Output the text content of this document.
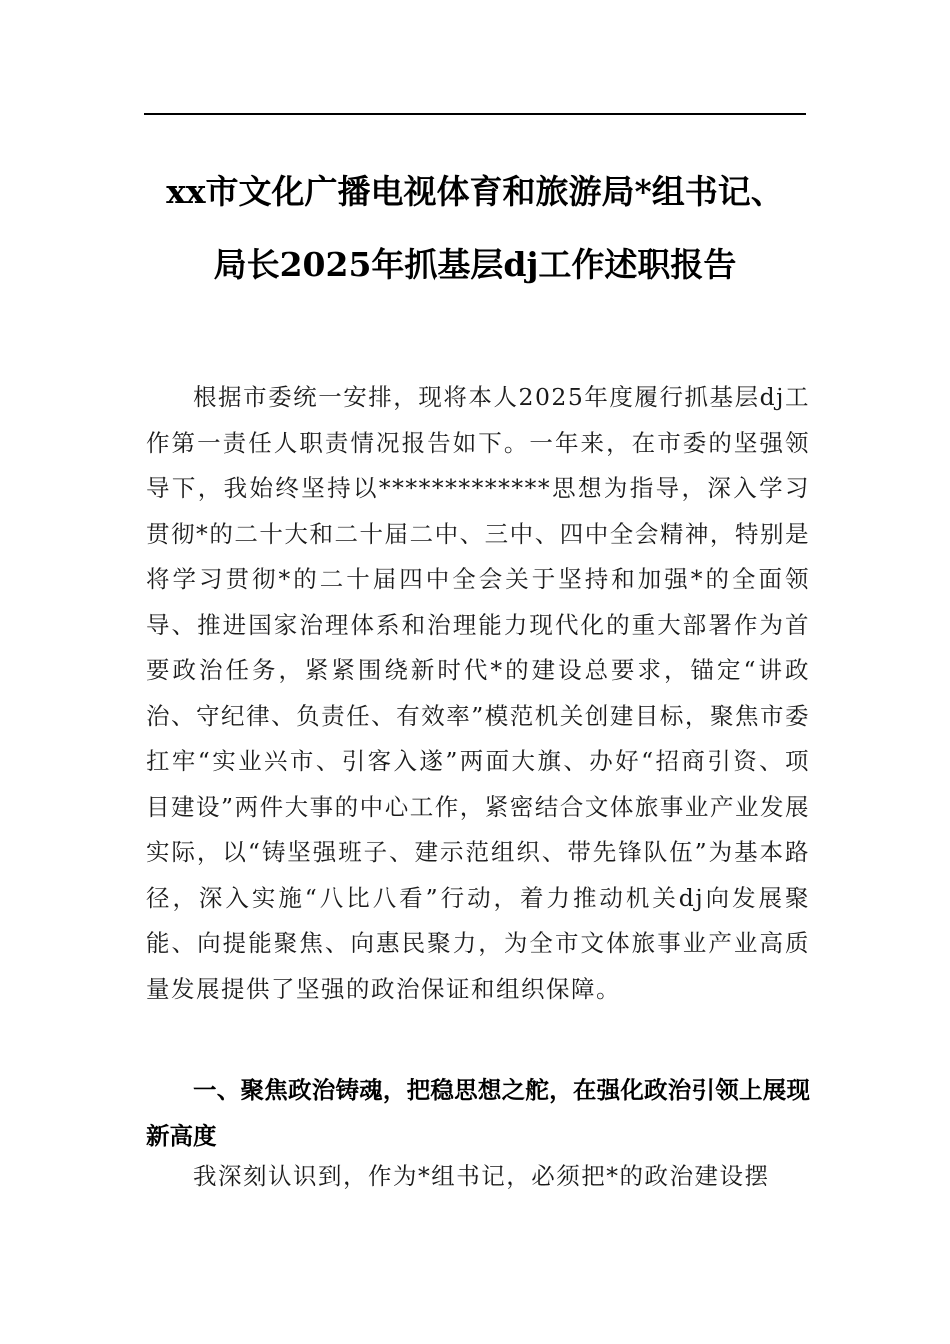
xx市文化广播电视体育和旅游局*组书记、
局长2025年抓基层dj工作述职报告

根据市委统一安排，现将本人2025年度履行抓基层dj工作第一责任人职责情况报告如下。一年来，在市委的坚强领导下，我始终坚持以*************思想为指导，深入学习贯彻*的二十大和二十届二中、三中、四中全会精神，特别是将学习贯彻*的二十届四中全会关于坚持和加强*的全面领导、推进国家治理体系和治理能力现代化的重大部署作为首要政治任务，紧紧围绕新时代*的建设总要求，锚定“讲政治、守纪律、负责任、有效率”模范机关创建目标，聚焦市委扛牢“实业兴市、引客入遂”两面大旗、办好“招商引资、项目建设”两件大事的中心工作，紧密结合文体旅事业产业发展实际，以“铸坚强班子、建示范组织、带先锋队伍”为基本路径，深入实施“八比八看”行动，着力推动机关dj向发展聚能、向提能聚焦、向惠民聚力，为全市文体旅事业产业高质量发展提供了坚强的政治保证和组织保障。

一、聚焦政治铸魂，把稳思想之舵，在强化政治引领上展现新高度

我深刻认识到，作为*组书记，必须把*的政治建设摆
